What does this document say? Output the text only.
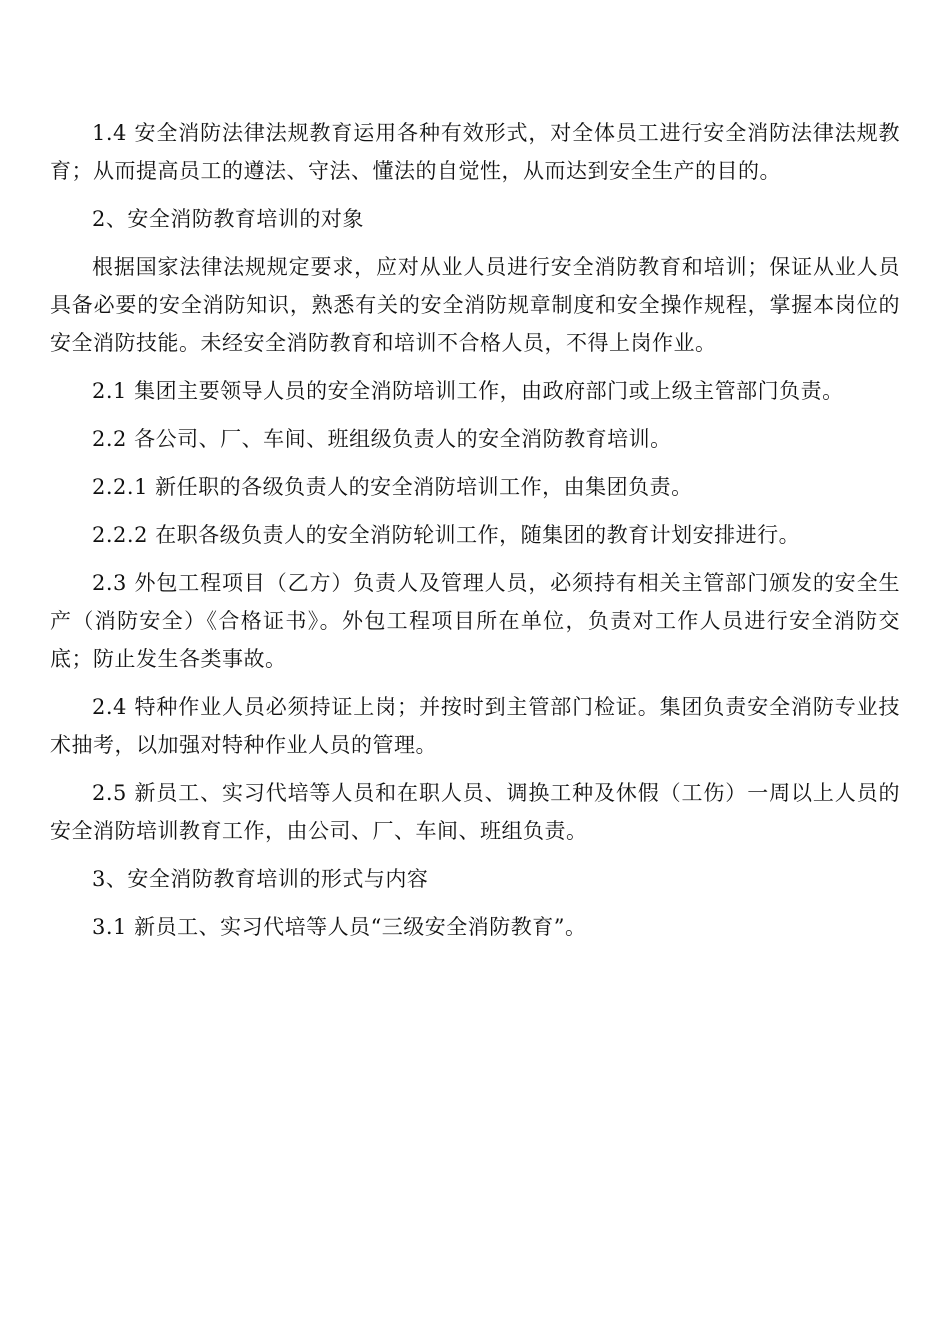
1.4 安全消防法律法规教育运用各种有效形式，对全体员工进行安全消防法律法规教育；从而提高员工的遵法、守法、懂法的自觉性，从而达到安全生产的目的。

2、安全消防教育培训的对象

根据国家法律法规规定要求，应对从业人员进行安全消防教育和培训；保证从业人员具备必要的安全消防知识，熟悉有关的安全消防规章制度和安全操作规程，掌握本岗位的安全消防技能。未经安全消防教育和培训不合格人员，不得上岗作业。

2.1 集团主要领导人员的安全消防培训工作，由政府部门或上级主管部门负责。

2.2 各公司、厂、车间、班组级负责人的安全消防教育培训。

2.2.1 新任职的各级负责人的安全消防培训工作，由集团负责。

2.2.2 在职各级负责人的安全消防轮训工作，随集团的教育计划安排进行。

2.3 外包工程项目（乙方）负责人及管理人员，必须持有相关主管部门颁发的安全生产（消防安全）《合格证书》。外包工程项目所在单位，负责对工作人员进行安全消防交底；防止发生各类事故。

2.4 特种作业人员必须持证上岗；并按时到主管部门检证。集团负责安全消防专业技术抽考，以加强对特种作业人员的管理。

2.5 新员工、实习代培等人员和在职人员、调换工种及休假（工伤）一周以上人员的安全消防培训教育工作，由公司、厂、车间、班组负责。

3、安全消防教育培训的形式与内容

3.1 新员工、实习代培等人员“三级安全消防教育”。
